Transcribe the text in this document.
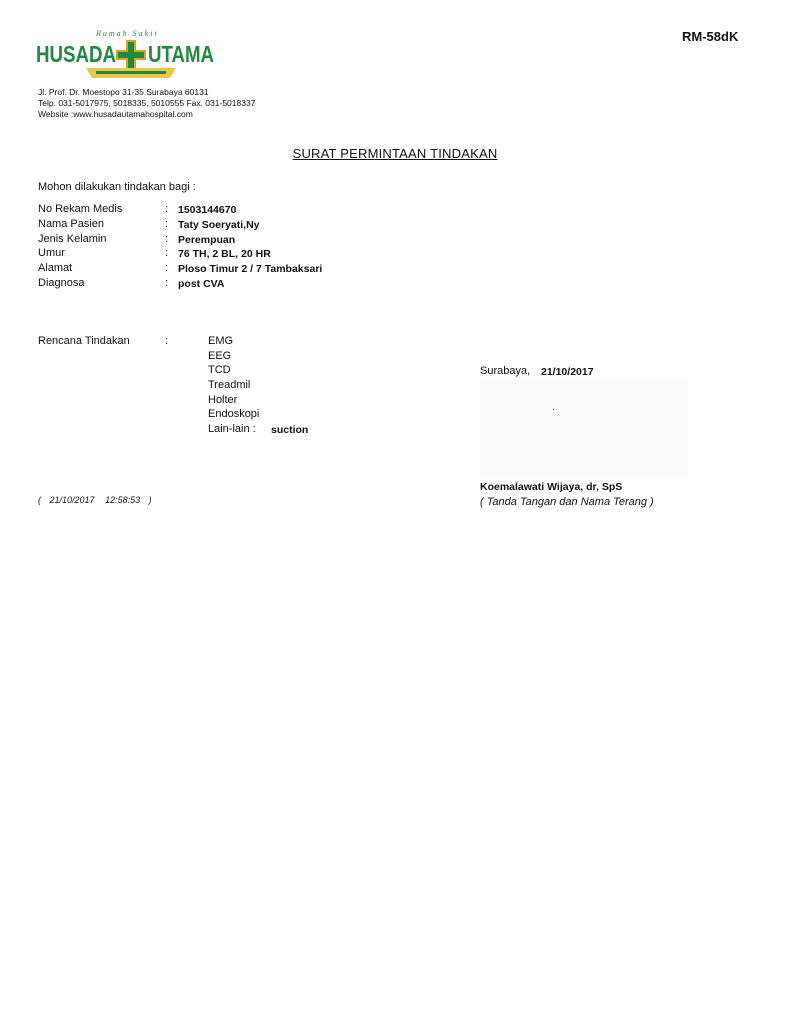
Rumah Sakit
HUSADA UTAMA
RM-58dK
Jl. Prof. Dr. Moestopo 31-35 Surabaya 60131
Telp. 031-5017975, 5018335, 5010555 Fax. 031-5018337
Website :www.husadautamahospital.com
SURAT PERMINTAAN TINDAKAN
Mohon dilakukan tindakan bagi :
No Rekam Medis	: 1503144670
Nama Pasien	: Taty Soeryati,Ny
Jenis Kelamin	: Perempuan
Umur	: 76 TH, 2 BL, 20 HR
Alamat	: Ploso Timur 2 / 7 Tambaksari
Diagnosa	: post CVA
Rencana Tindakan	:	EMG
EEG
TCD
Treadmil
Holter
Endoskopi
Lain-lain : suction
Surabaya, 21/10/2017
.
Koemalawati Wijaya, dr, SpS
( Tanda Tangan dan Nama Terang )
( 21/10/2017 12:58:53 )
